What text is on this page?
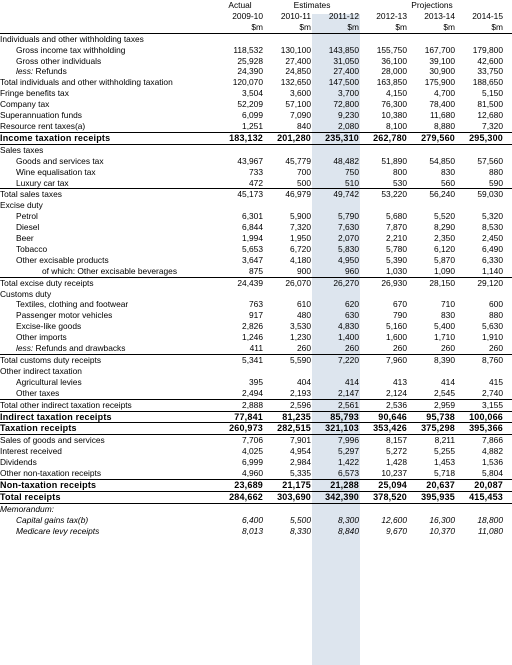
	Actual	Estimates		Projections			
	2009-10	2010-11	2011-12	2012-13	2013-14	2014-15	
	$m	$m	$m	$m	$m	$m	
Individuals and other withholding taxes							
Gross income tax withholding	118,532	130,100	143,850	155,750	167,700	179,800	
Gross other individuals	25,928	27,400	31,050	36,100	39,100	42,600	
less: Refunds	24,390	24,850	27,400	28,000	30,900	33,750	
Total individuals and other withholding taxation	120,070	132,650	147,500	163,850	175,900	188,650	
Fringe benefits tax	3,504	3,600	3,700	4,150	4,700	5,150	
Company tax	52,209	57,100	72,800	76,300	78,400	81,500	
Superannuation funds	6,099	7,090	9,230	10,380	11,680	12,680	
Resource rent taxes(a)	1,251	840	2,080	8,100	8,880	7,320	
Income taxation receipts	183,132	201,280	235,310	262,780	279,560	295,300	
Sales taxes							
Goods and services tax	43,967	45,779	48,482	51,890	54,850	57,560	
Wine equalisation tax	733	700	750	800	830	880	
Luxury car tax	472	500	510	530	560	590	
Total sales taxes	45,173	46,979	49,742	53,220	56,240	59,030	
Excise duty							
Petrol	6,301	5,900	5,790	5,680	5,520	5,320	
Diesel	6,844	7,320	7,630	7,870	8,290	8,530	
Beer	1,994	1,950	2,070	2,210	2,350	2,450	
Tobacco	5,653	6,720	5,830	5,780	6,120	6,490	
Other excisable products	3,647	4,180	4,950	5,390	5,870	6,330	
of which: Other excisable beverages	875	900	960	1,030	1,090	1,140	
Total excise duty receipts	24,439	26,070	26,270	26,930	28,150	29,120	
Customs duty							
Textiles, clothing and footwear	763	610	620	670	710	600	
Passenger motor vehicles	917	480	630	790	830	880	
Excise-like goods	2,826	3,530	4,830	5,160	5,400	5,630	
Other imports	1,246	1,230	1,400	1,600	1,710	1,910	
less: Refunds and drawbacks	411	260	260	260	260	260	
Total customs duty receipts	5,341	5,590	7,220	7,960	8,390	8,760	
Other indirect taxation							
Agricultural levies	395	404	414	413	414	415	
Other taxes	2,494	2,193	2,147	2,124	2,545	2,740	
Total other indirect taxation receipts	2,888	2,596	2,561	2,536	2,959	3,155	
Indirect taxation receipts	77,841	81,235	85,793	90,646	95,738	100,066	
Taxation receipts	260,973	282,515	321,103	353,426	375,298	395,366	
Sales of goods and services	7,706	7,901	7,996	8,157	8,211	7,866	
Interest received	4,025	4,954	5,297	5,272	5,255	4,882	
Dividends	6,999	2,984	1,422	1,428	1,453	1,536	
Other non-taxation receipts	4,960	5,335	6,573	10,237	5,718	5,804	
Non-taxation receipts	23,689	21,175	21,288	25,094	20,637	20,087	
Total receipts	284,662	303,690	342,390	378,520	395,935	415,453	
Memorandum:							
Capital gains tax(b)	6,400	5,500	8,300	12,600	16,300	18,800	
Medicare levy receipts	8,013	8,330	8,840	9,670	10,370	11,080	
